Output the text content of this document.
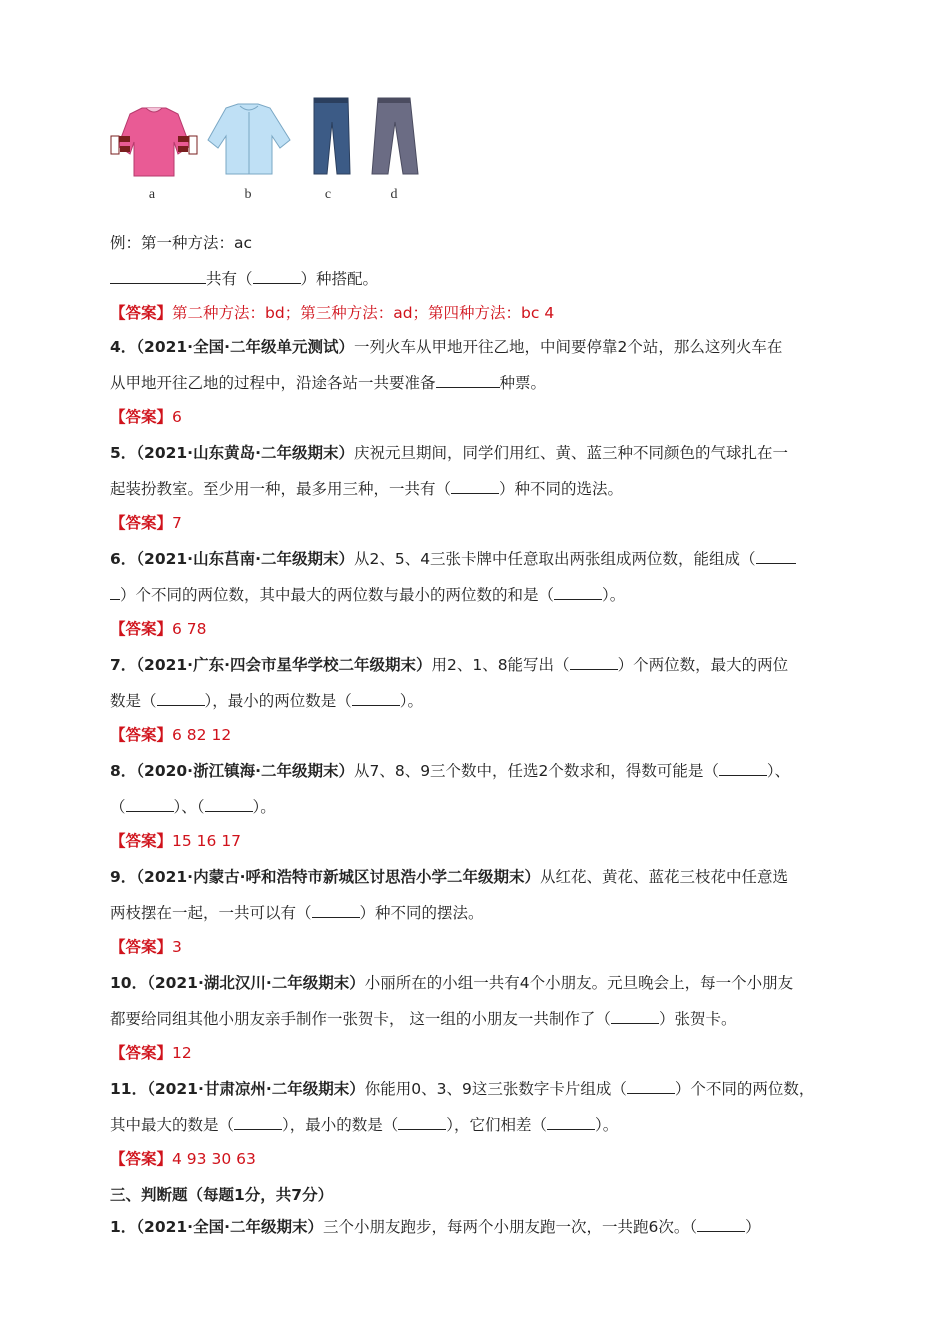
a	b	c	d
例：第一种方法：ac
共有（	）种搭配。
【答案】第二种方法：bd；第三种方法：ad；第四种方法：bc 4
4．（2021·全国·二年级单元测试）一列火车从甲地开往乙地，中间要停靠2个站，那么这列火车在
从甲地开往乙地的过程中，沿途各站一共要准备	种票。
【答案】6
5．（2021·山东黄岛·二年级期末）庆祝元旦期间，同学们用红、黄、蓝三种不同颜色的气球扎在一
起装扮教室。至少用一种，最多用三种，一共有（	）种不同的选法。
【答案】7
6．（2021·山东莒南·二年级期末）从2、5、4三张卡牌中任意取出两张组成两位数，能组成（
）个不同的两位数，其中最大的两位数与最小的两位数的和是（	）。
【答案】6 78
7．（2021·广东·四会市星华学校二年级期末）用2、1、8能写出（	）个两位数，最大的两位
数是（	），最小的两位数是（	）。
【答案】6 82 12
8．（2020·浙江镇海·二年级期末）从7、8、9三个数中，任选2个数求和，得数可能是（	）、
（	）、（	）。
【答案】15 16 17
9．（2021·内蒙古·呼和浩特市新城区讨思浩小学二年级期末）从红花、黄花、蓝花三枝花中任意选
两枝摆在一起，一共可以有（	）种不同的摆法。
【答案】3
10．（2021·湖北汉川·二年级期末）小丽所在的小组一共有4个小朋友。元旦晚会上，每一个小朋友
都要给同组其他小朋友亲手制作一张贺卡， 这一组的小朋友一共制作了（	）张贺卡。
【答案】12
11．（2021·甘肃凉州·二年级期末）你能用0、3、9这三张数字卡片组成（	）个不同的两位数，
其中最大的数是（	），最小的数是（	），它们相差（	）。
【答案】4 93 30 63
三、判断题（每题1分，共7分）
1．（2021·全国·二年级期末）三个小朋友跑步，每两个小朋友跑一次，一共跑6次。（	）
